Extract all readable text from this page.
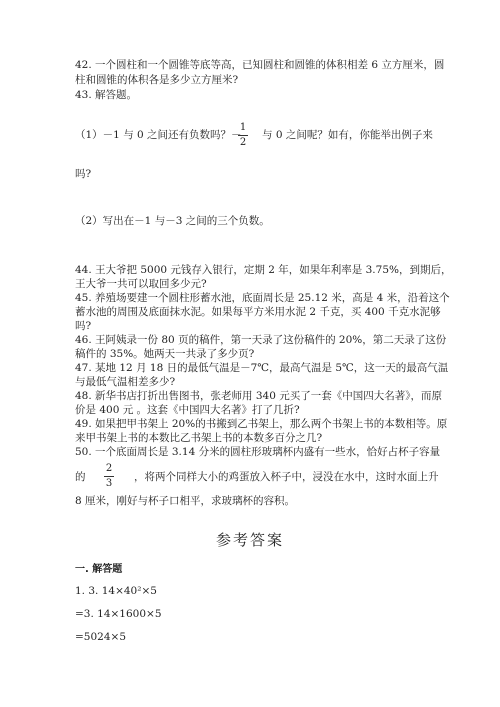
42. 一个圆柱和一个圆锥等底等高，已知圆柱和圆锥的体积相差 6 立方厘米，圆
柱和圆锥的体积各是多少立方厘米?
43. 解答题。
（1）－1 与 0 之间还有负数吗？－
1
2
与 0 之间呢？如有，你能举出例子来
吗?
（2）写出在－1 与－3 之间的三个负数。
44. 王大爷把 5000 元钱存入银行，定期 2 年，如果年利率是 3.75%，到期后，
王大爷一共可以取回多少元?
45. 养殖场要建一个圆柱形蓄水池，底面周长是 25.12 米，高是 4 米，沿着这个
蓄水池的周围及底面抹水泥。如果每平方米用水泥 2 千克，买 400 千克水泥够
吗?
46. 王阿姨录一份 80 页的稿件，第一天录了这份稿件的 20%，第二天录了这份
稿件的 35%。她两天一共录了多少页?
47. 某地 12 月 18 日的最低气温是－7℃，最高气温是 5℃，这一天的最高气温
与最低气温相差多少?
48. 新华书店打折出售图书，张老师用 340 元买了一套《中国四大名著》，而原
价是 400 元 。这套《中国四大名著》打了几折?
49. 如果把甲书架上 20%的书搬到乙书架上，那么两个书架上书的本数相等。原
来甲书架上书的本数比乙书架上书的本数多百分之几?
50. 一个底面周长是 3.14 分米的圆柱形玻璃杯内盛有一些水，恰好占杯子容量
的
2
3
，将两个同样大小的鸡蛋放入杯子中，浸没在水中，这时水面上升
8 厘米，刚好与杯子口相平，求玻璃杯的容积。
参考答案
一. 解答题
1. 3. 14×40²×5
=3. 14×1600×5
=5024×5
